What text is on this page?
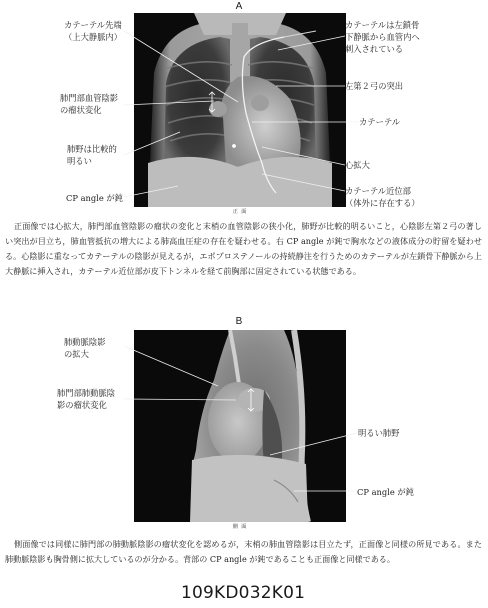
A
正 面
カテーテル先端
（上大静脈内）
肺門部血管陰影
の瘤状変化
肺野は比較的
明るい
CP angle が鈍
カテーテルは左鎖骨
下静脈から血管内へ
刺入されている
左第２弓の突出
カテーテル
心拡大
カテーテル近位部
（体外に存在する）
正面像では心拡大，肺門部血管陰影の瘤状の変化と末梢の血管陰影の狭小化，肺野が比較的明るいこと，心陰影左第２弓の著しい突出が目立ち，肺血管抵抗の増大による肺高血圧症の存在を疑わせる。右 CP angle が鈍で胸水などの液体成分の貯留を疑わせる。心陰影に重なってカテーテルの陰影が見えるが，エポプロステノールの持続静注を行うためのカテーテルが左鎖骨下静脈から上大静脈に挿入され，カテーテル近位部が皮下トンネルを経て前胸部に固定されている状態である。
B
側 面
肺動脈陰影
の拡大
肺門部肺動脈陰
影の瘤状変化
明るい肺野
CP angle が鈍
側面像では同様に肺門部の肺動脈陰影の瘤状変化を認めるが，末梢の肺血管陰影は目立たず，正面像と同様の所見である。また肺動脈陰影も胸骨側に拡大しているのが分かる。背部の CP angle が鈍であることも正面像と同様である。
109KD032K01
